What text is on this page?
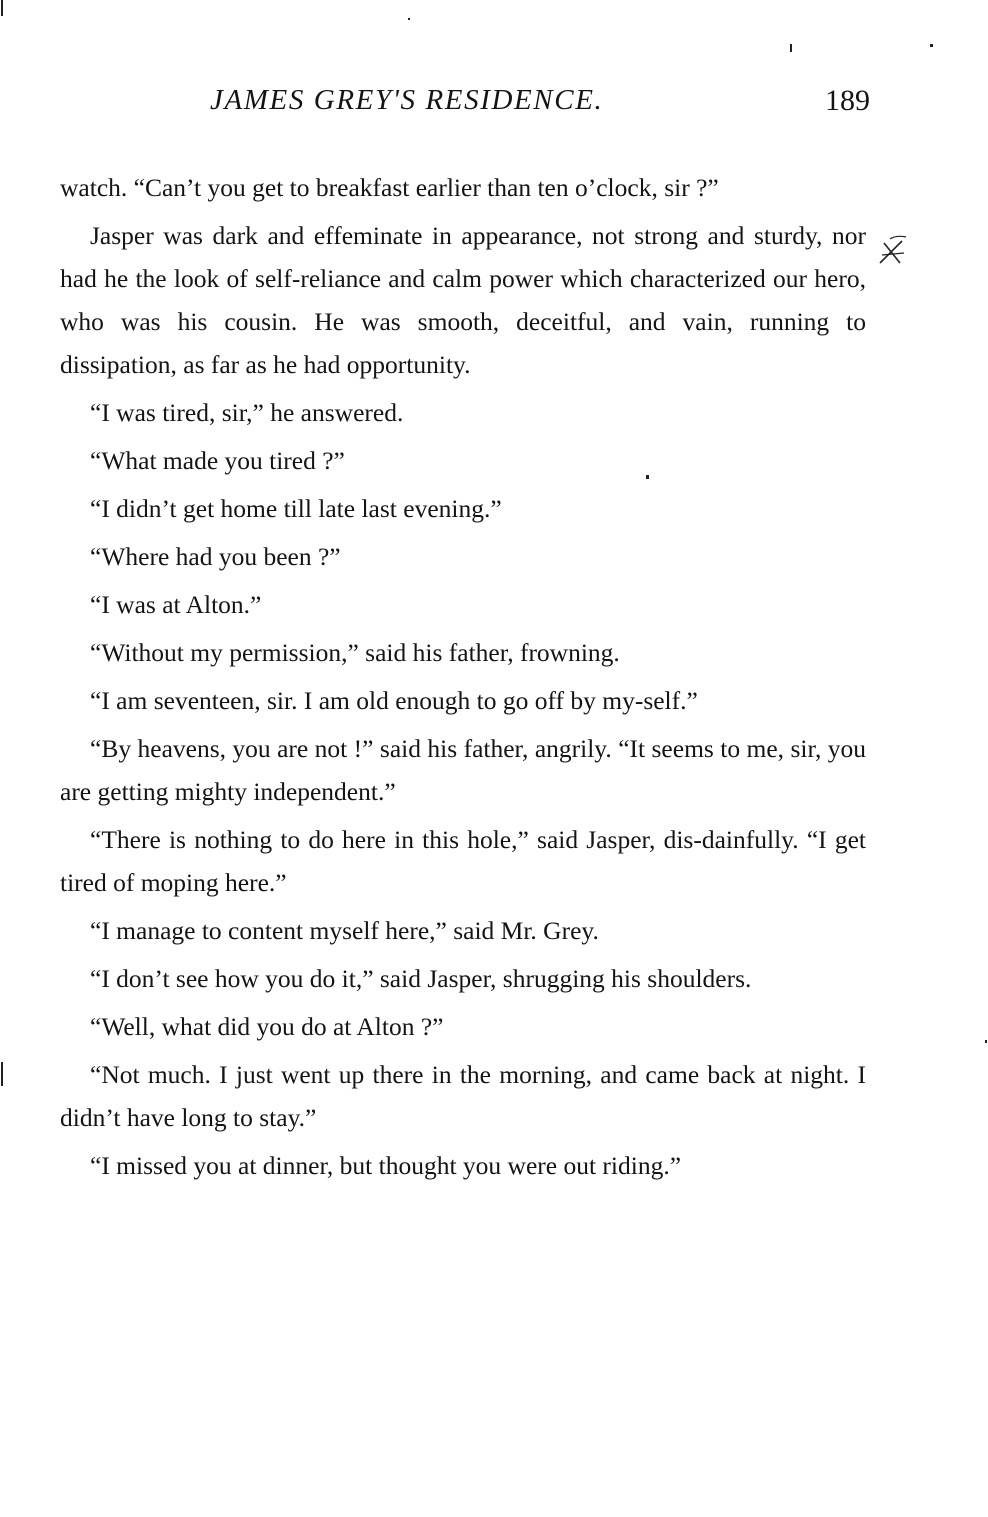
JAMES GREY'S RESIDENCE.	189

watch. “Can’t you get to breakfast earlier than ten o’clock, sir ?”

Jasper was dark and effeminate in appearance, not strong and sturdy, nor had he the look of self-reliance and calm power which characterized our hero, who was his cousin. He was smooth, deceitful, and vain, running to dissipation, as far as he had opportunity.

“I was tired, sir,” he answered.

“What made you tired ?”

“I didn’t get home till late last evening.”

“Where had you been ?”

“I was at Alton.”

“Without my permission,” said his father, frowning.

“I am seventeen, sir. I am old enough to go off by my-self.”

“By heavens, you are not !” said his father, angrily. “It seems to me, sir, you are getting mighty independent.”

“There is nothing to do here in this hole,” said Jasper, dis-dainfully. “I get tired of moping here.”

“I manage to content myself here,” said Mr. Grey.

“I don’t see how you do it,” said Jasper, shrugging his shoulders.

“Well, what did you do at Alton ?”

“Not much. I just went up there in the morning, and came back at night. I didn’t have long to stay.”

“I missed you at dinner, but thought you were out riding.”
